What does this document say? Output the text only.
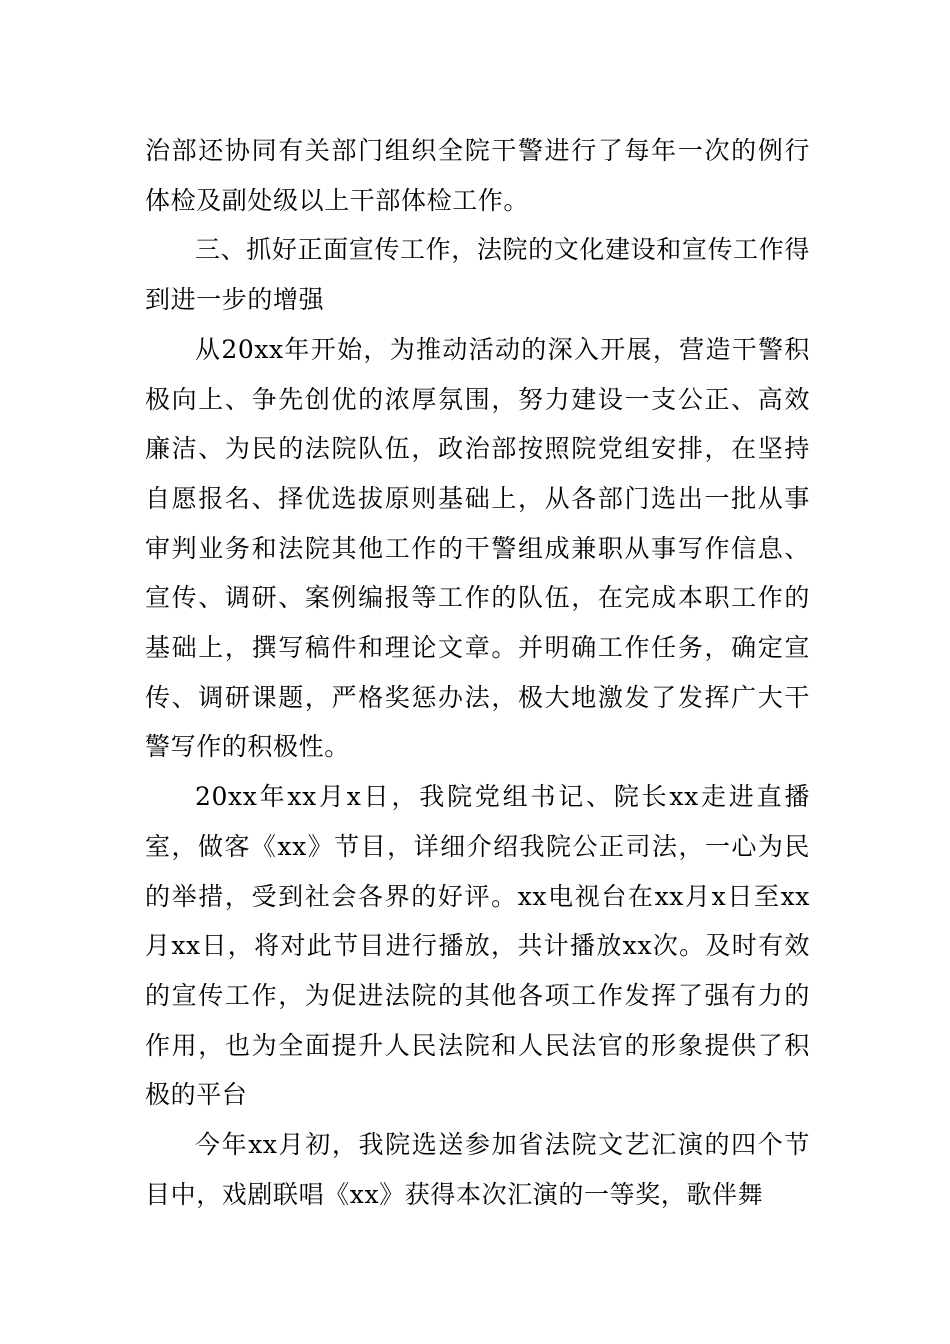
治部还协同有关部门组织全院干警进行了每年一次的例行体检及副处级以上干部体检工作。

三、抓好正面宣传工作，法院的文化建设和宣传工作得到进一步的增强

从20xx年开始，为推动活动的深入开展，营造干警积极向上、争先创优的浓厚氛围，努力建设一支公正、高效廉洁、为民的法院队伍，政治部按照院党组安排，在坚持自愿报名、择优选拔原则基础上，从各部门选出一批从事审判业务和法院其他工作的干警组成兼职从事写作信息、宣传、调研、案例编报等工作的队伍，在完成本职工作的基础上，撰写稿件和理论文章。并明确工作任务，确定宣传、调研课题，严格奖惩办法，极大地激发了发挥广大干警写作的积极性。

20xx年xx月x日，我院党组书记、院长xx走进直播室，做客《xx》节目，详细介绍我院公正司法，一心为民的举措，受到社会各界的好评。xx电视台在xx月x日至xx月xx日，将对此节目进行播放，共计播放xx次。及时有效的宣传工作，为促进法院的其他各项工作发挥了强有力的作用，也为全面提升人民法院和人民法官的形象提供了积极的平台

今年xx月初，我院选送参加省法院文艺汇演的四个节目中，戏剧联唱《xx》获得本次汇演的一等奖，歌伴舞
